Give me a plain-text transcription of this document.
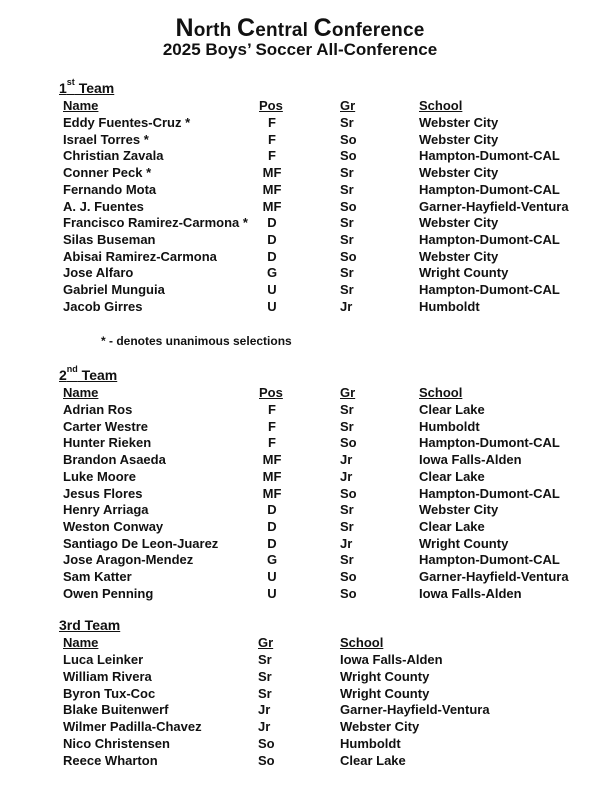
North Central Conference
2025 Boys’ Soccer All-Conference
1st Team
Name	Pos	Gr	School
Eddy Fuentes-Cruz *	F	Sr	Webster City
Israel Torres *	F	So	Webster City
Christian Zavala	F	So	Hampton-Dumont-CAL
Conner Peck *	MF	Sr	Webster City
Fernando Mota	MF	Sr	Hampton-Dumont-CAL
A. J. Fuentes	MF	So	Garner-Hayfield-Ventura
Francisco Ramirez-Carmona *	D	Sr	Webster City
Silas Buseman	D	Sr	Hampton-Dumont-CAL
Abisai Ramirez-Carmona	D	So	Webster City
Jose Alfaro	G	Sr	Wright County
Gabriel Munguia	U	Sr	Hampton-Dumont-CAL
Jacob Girres	U	Jr	Humboldt
* - denotes unanimous selections
2nd Team
Name	Pos	Gr	School
Adrian Ros	F	Sr	Clear Lake
Carter Westre	F	Sr	Humboldt
Hunter Rieken	F	So	Hampton-Dumont-CAL
Brandon Asaeda	MF	Jr	Iowa Falls-Alden
Luke Moore	MF	Jr	Clear Lake
Jesus Flores	MF	So	Hampton-Dumont-CAL
Henry Arriaga	D	Sr	Webster City
Weston Conway	D	Sr	Clear Lake
Santiago De Leon-Juarez	D	Jr	Wright County
Jose Aragon-Mendez	G	Sr	Hampton-Dumont-CAL
Sam Katter	U	So	Garner-Hayfield-Ventura
Owen Penning	U	So	Iowa Falls-Alden
3rd Team
Name	Gr	School
Luca Leinker	Sr	Iowa Falls-Alden
William Rivera	Sr	Wright County
Byron Tux-Coc	Sr	Wright County
Blake Buitenwerf	Jr	Garner-Hayfield-Ventura
Wilmer Padilla-Chavez	Jr	Webster City
Nico Christensen	So	Humboldt
Reece Wharton	So	Clear Lake
